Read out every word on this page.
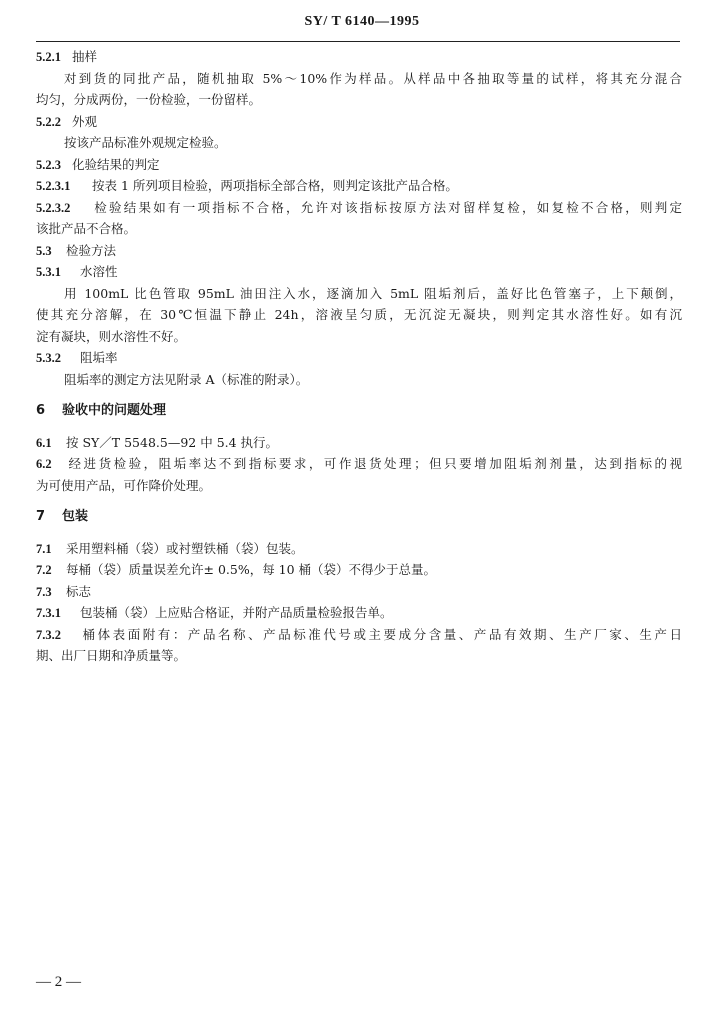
SY/ T 6140—1995
5.2.1 抽样
对到货的同批产品，随机抽取 5%～10%作为样品。从样品中各抽取等量的试样，将其充分混合
均匀，分成两份，一份检验，一份留样。
5.2.2 外观
按该产品标准外观规定检验。
5.2.3 化验结果的判定
5.2.3.1 按表 1 所列项目检验，两项指标全部合格，则判定该批产品合格。
5.2.3.2 检验结果如有一项指标不合格，允许对该指标按原方法对留样复检，如复检不合格，则判定
该批产品不合格。
5.3 检验方法
5.3.1 水溶性
用 100mL 比色管取 95mL 油田注入水，逐滴加入 5mL 阻垢剂后，盖好比色管塞子，上下颠倒，
使其充分溶解，在 30℃恒温下静止 24h，溶液呈匀质，无沉淀无凝块，则判定其水溶性好。如有沉
淀有凝块，则水溶性不好。
5.3.2 阻垢率
阻垢率的测定方法见附录 A（标准的附录）。
6 验收中的问题处理
6.1 按 SY／T 5548.5—92 中 5.4 执行。
6.2 经进货检验，阻垢率达不到指标要求，可作退货处理；但只要增加阻垢剂剂量，达到指标的视
为可使用产品，可作降价处理。
7 包装
7.1 采用塑料桶（袋）或衬塑铁桶（袋）包装。
7.2 每桶（袋）质量误差允许± 0.5%，每 10 桶（袋）不得少于总量。
7.3 标志
7.3.1 包装桶（袋）上应贴合格证，并附产品质量检验报告单。
7.3.2 桶体表面附有：产品名称、产品标准代号或主要成分含量、产品有效期、生产厂家、生产日
期、出厂日期和净质量等。
— 2 —
